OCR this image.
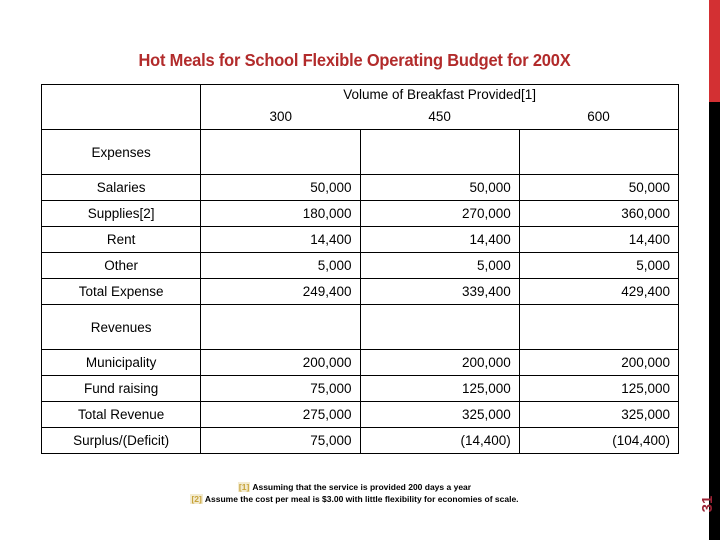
31
Hot Meals for School Flexible Operating Budget for 200X
	Volume of Breakfast Provided[1]		

	300 450 600		

Expenses			
Salaries	50,000	50,000	50,000
Supplies[2]	180,000	270,000	360,000
Rent	14,400	14,400	14,400
Other	5,000	5,000	5,000
Total Expense	249,400	339,400	429,400
Revenues			
Municipality	200,000	200,000	200,000
Fund raising	75,000	125,000	125,000
Total Revenue	275,000	325,000	325,000
Surplus/(Deficit)	75,000	(14,400)	(104,400)
[1] Assuming that the service is provided 200 days a year
[2] Assume the cost per meal is $3.00 with little flexibility for economies of scale.
